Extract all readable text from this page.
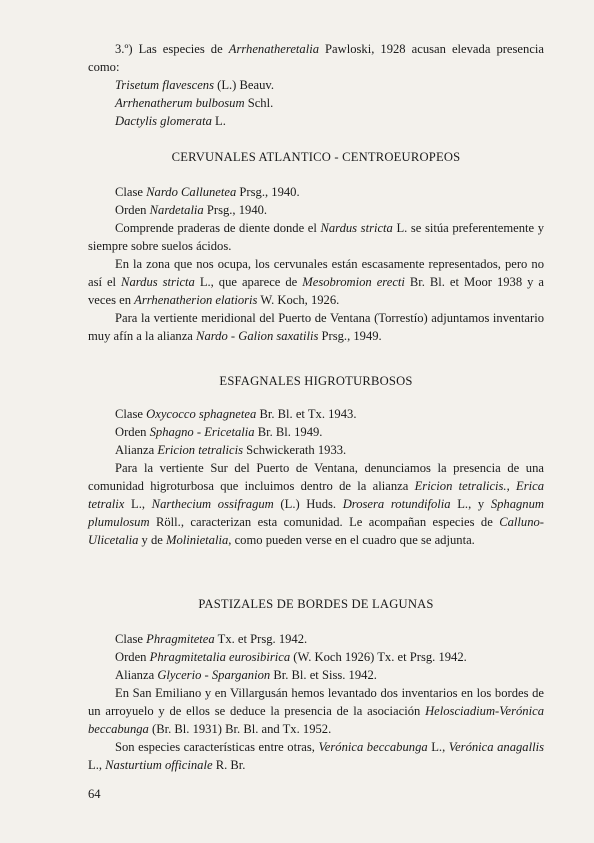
3.º) Las especies de Arrhenatheretalia Pawloski, 1928 acusan elevada presencia como:

Trisetum flavescens (L.) Beauv.

Arrhenatherum bulbosum Schl.

Dactylis glomerata L.

CERVUNALES ATLANTICO - CENTROEUROPEOS

Clase Nardo Callunetea Prsg., 1940.

Orden Nardetalia Prsg., 1940.

Comprende praderas de diente donde el Nardus stricta L. se sitúa preferentemente y siempre sobre suelos ácidos.

En la zona que nos ocupa, los cervunales están escasamente representados, pero no así el Nardus stricta L., que aparece de Mesobromion erecti Br. Bl. et Moor 1938 y a veces en Arrhenatherion elatioris W. Koch, 1926.

Para la vertiente meridional del Puerto de Ventana (Torrestío) adjuntamos inventario muy afín a la alianza Nardo - Galion saxatilis Prsg., 1949.

ESFAGNALES HIGROTURBOSOS

Clase Oxycocco sphagnetea Br. Bl. et Tx. 1943.

Orden Sphagno - Ericetalia Br. Bl. 1949.

Alianza Ericion tetralicis Schwickerath 1933.

Para la vertiente Sur del Puerto de Ventana, denunciamos la presencia de una comunidad higroturbosa que incluimos dentro de la alianza Ericion tetralicis., Erica tetralix L., Narthecium ossifragum (L.) Huds. Drosera rotundifolia L., y Sphagnum plumulosum Röll., caracterizan esta comunidad. Le acompañan especies de Calluno-Ulicetalia y de Molinietalia, como pueden verse en el cuadro que se adjunta.

PASTIZALES DE BORDES DE LAGUNAS

Clase Phragmitetea Tx. et Prsg. 1942.

Orden Phragmitetalia eurosibirica (W. Koch 1926) Tx. et Prsg. 1942.

Alianza Glycerio - Sparganion Br. Bl. et Siss. 1942.

En San Emiliano y en Villargusán hemos levantado dos inventarios en los bordes de un arroyuelo y de ellos se deduce la presencia de la asociación Helosciadium-Verónica beccabunga (Br. Bl. 1931) Br. Bl. and Tx. 1952.

Son especies características entre otras, Verónica beccabunga L., Verónica anagallis L., Nasturtium officinale R. Br.

64
